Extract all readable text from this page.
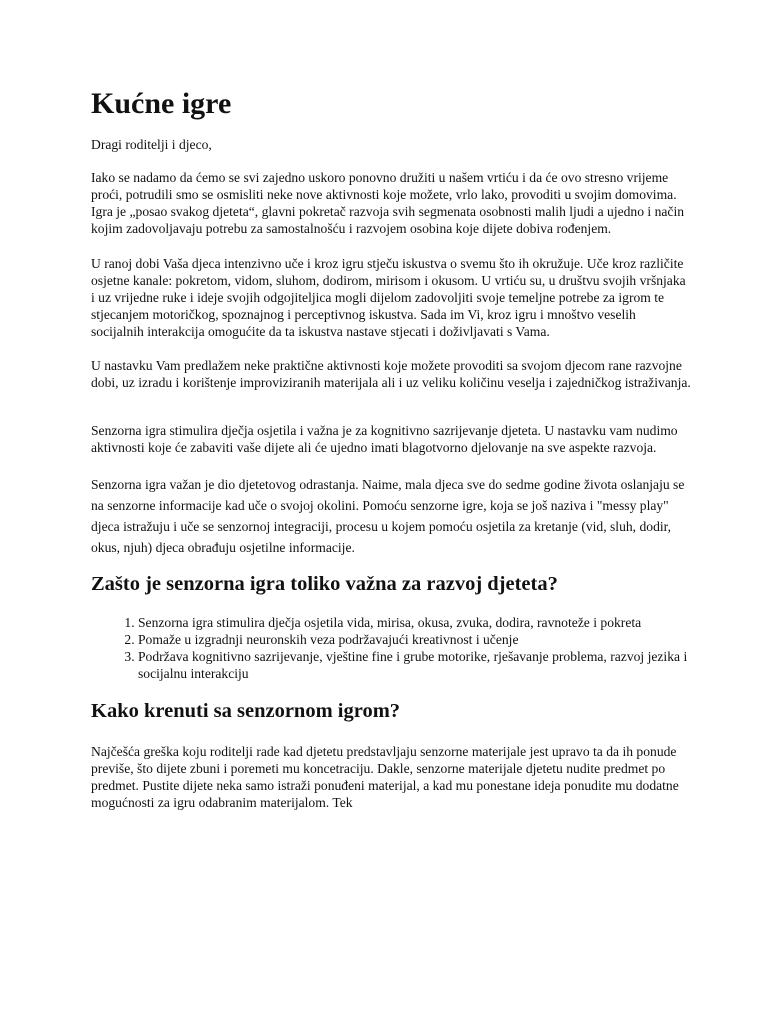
Kućne igre

Dragi roditelji i djeco,

Iako se nadamo da ćemo se svi zajedno uskoro ponovno družiti u našem vrtiću i da će ovo stresno vrijeme proći, potrudili smo se osmisliti neke nove aktivnosti koje možete, vrlo lako, provoditi u svojim domovima. Igra je „posao svakog djeteta“, glavni pokretač razvoja svih segmenata osobnosti malih ljudi a ujedno i način kojim zadovoljavaju potrebu za samostalnošću i razvojem osobina koje dijete dobiva rođenjem.

U ranoj dobi Vaša djeca intenzivno uče i kroz igru stječu iskustva o svemu što ih okružuje. Uče kroz različite osjetne kanale: pokretom, vidom, sluhom, dodirom, mirisom i okusom. U vrtiću su, u društvu svojih vršnjaka i uz vrijedne ruke i ideje svojih odgojiteljica mogli dijelom zadovoljiti svoje temeljne potrebe za igrom te stjecanjem motoričkog, spoznajnog i perceptivnog iskustva. Sada im Vi, kroz igru i mnoštvo veselih socijalnih interakcija omogućite da ta iskustva nastave stjecati i doživljavati s Vama.

U nastavku Vam predlažem neke praktične aktivnosti koje možete provoditi sa svojom djecom rane razvojne dobi, uz izradu i korištenje improviziranih materijala ali i uz veliku količinu veselja i zajedničkog istraživanja.

Senzorna igra stimulira dječja osjetila i važna je za kognitivno sazrijevanje djeteta. U nastavku vam nudimo aktivnosti koje će zabaviti vaše dijete ali će ujedno imati blagotvorno djelovanje na sve aspekte razvoja.

Senzorna igra važan je dio djetetovog odrastanja. Naime, mala djeca sve do sedme godine života oslanjaju se na senzorne informacije kad uče o svojoj okolini. Pomoću senzorne igre, koja se još naziva i "messy play" djeca istražuju i uče se senzornoj integraciji, procesu u kojem pomoću osjetila za kretanje (vid, sluh, dodir, okus, njuh) djeca obrađuju osjetilne informacije.

Zašto je senzorna igra toliko važna za razvoj djeteta?
1. Senzorna igra stimulira dječja osjetila vida, mirisa, okusa, zvuka, dodira, ravnoteže i pokreta
2. Pomaže u izgradnji neuronskih veza podržavajući kreativnost i učenje
3. Podržava kognitivno sazrijevanje, vještine fine i grube motorike, rješavanje problema, razvoj jezika i socijalnu interakciju
Kako krenuti sa senzornom igrom?

Najčešća greška koju roditelji rade kad djetetu predstavljaju senzorne materijale jest upravo ta da ih ponude previše, što dijete zbuni i poremeti mu koncetraciju. Dakle, senzorne materijale djetetu nudite predmet po predmet. Pustite dijete neka samo istraži ponuđeni materijal, a kad mu ponestane ideja ponudite mu dodatne mogućnosti za igru odabranim materijalom. Tek
